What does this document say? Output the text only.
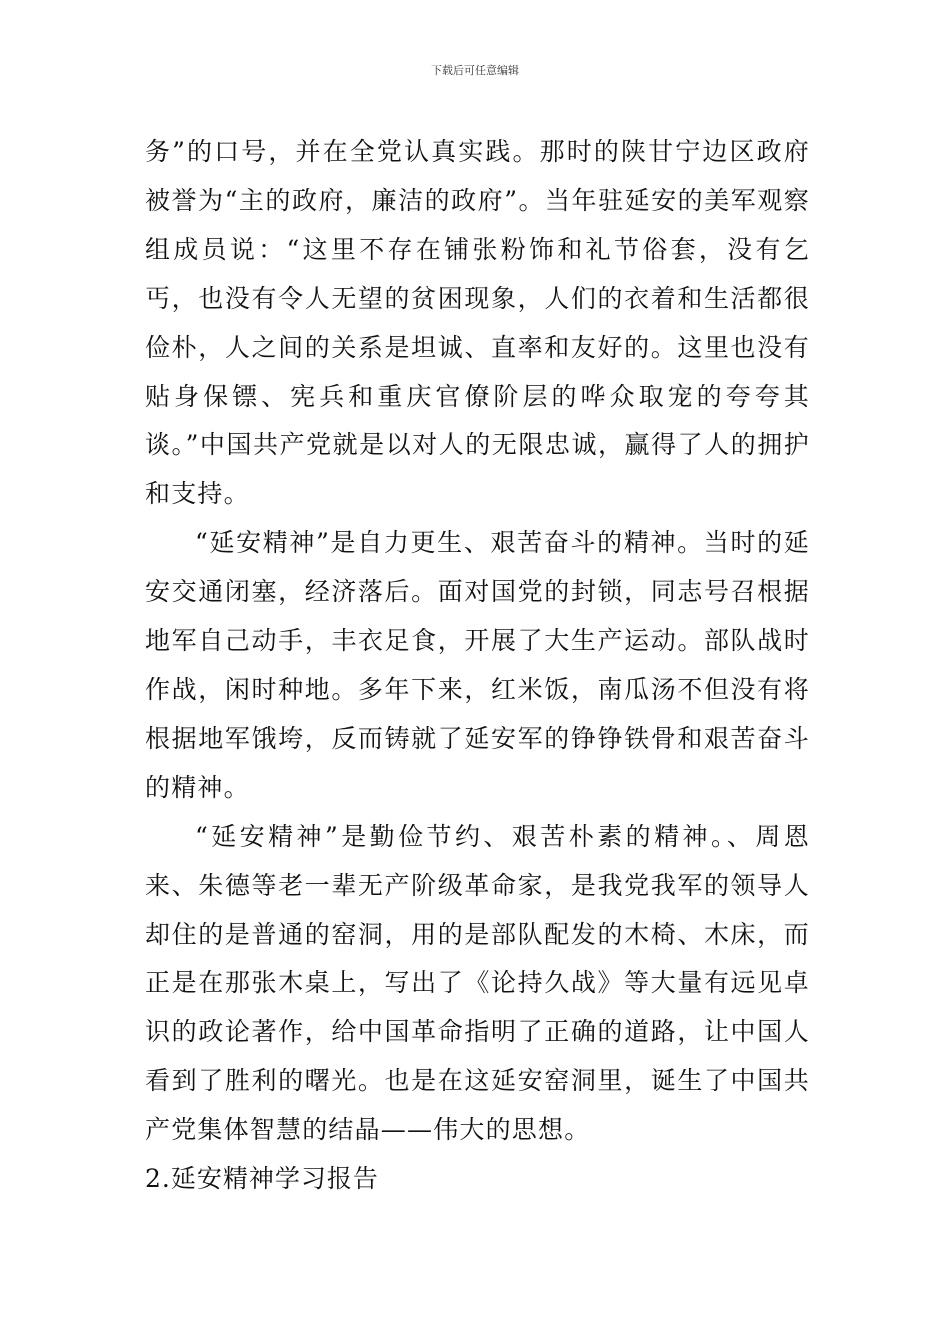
下载后可任意编辑

务”的口号，并在全党认真实践。那时的陕甘宁边区政府被誉为“主的政府，廉洁的政府”。当年驻延安的美军观察组成员说：“这里不存在铺张粉饰和礼节俗套，没有乞丐，也没有令人无望的贫困现象，人们的衣着和生活都很俭朴，人之间的关系是坦诚、直率和友好的。这里也没有贴身保镖、宪兵和重庆官僚阶层的哗众取宠的夸夸其谈。”中国共产党就是以对人的无限忠诚，赢得了人的拥护和支持。

“延安精神”是自力更生、艰苦奋斗的精神。当时的延安交通闭塞，经济落后。面对国党的封锁，同志号召根据地军自己动手，丰衣足食，开展了大生产运动。部队战时作战，闲时种地。多年下来，红米饭，南瓜汤不但没有将根据地军饿垮，反而铸就了延安军的铮铮铁骨和艰苦奋斗的精神。

“延安精神”是勤俭节约、艰苦朴素的精神。、周恩来、朱德等老一辈无产阶级革命家，是我党我军的领导人却住的是普通的窑洞，用的是部队配发的木椅、木床，而正是在那张木桌上，写出了《论持久战》等大量有远见卓识的政论著作，给中国革命指明了正确的道路，让中国人看到了胜利的曙光。也是在这延安窑洞里，诞生了中国共产党集体智慧的结晶——伟大的思想。

2.延安精神学习报告
